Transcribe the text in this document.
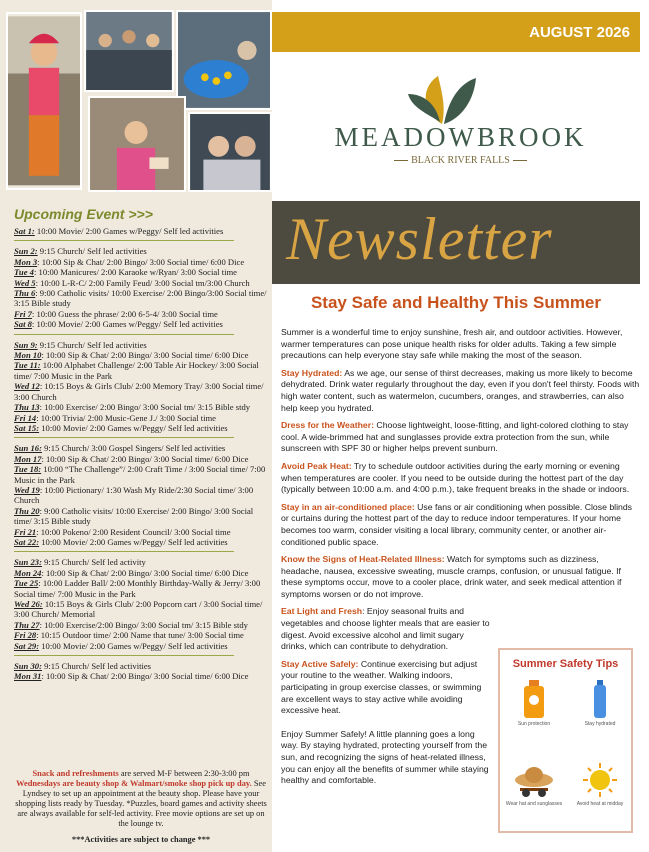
Upcoming Event >>>
Sat 1: 10:00 Movie/ 2:00 Games w/Peggy/ Self led activities
Sun 2: 9:15 Church/ Self led activities
Mon 3: 10:00 Sip & Chat/ 2:00 Bingo/ 3:00 Social time/ 6:00 Dice
Tue 4: 10:00 Manicures/ 2:00 Karaoke w/Ryan/ 3:00 Social time
Wed 5: 10:00 L-R-C/ 2:00 Family Feud/ 3:00 Social tm/3:00 Church
Thu 6: 9:00 Catholic visits/ 10:00 Exercise/ 2:00 Bingo/3:00 Social time/ 3:15 Bible study
Fri 7: 10:00 Guess the phrase/ 2:00 6-5-4/ 3:00 Social time
Sat 8: 10:00 Movie/ 2:00 Games w/Peggy/ Self led activities
Sun 9: 9:15 Church/ Self led activities
Mon 10: 10:00 Sip & Chat/ 2:00 Bingo/ 3:00 Social time/ 6:00 Dice
Tue 11: 10:00 Alphabet Challenge/ 2:00 Table Air Hockey/ 3:00 Social time/ 7:00 Music in the Park
Wed 12: 10:15 Boys & Girls Club/ 2:00 Memory Tray/ 3:00 Social time/ 3:00 Church
Thu 13: 10:00 Exercise/ 2:00 Bingo/ 3:00 Social tm/ 3:15 Bible stdy
Fri 14: 10:00 Trivia/ 2:00 Music-Gene J./ 3:00 Social time
Sat 15: 10:00 Movie/ 2:00 Games w/Peggy/ Self led activities
Sun 16: 9:15 Church/ 3:00 Gospel Singers/ Self led activities
Mon 17: 10:00 Sip & Chat/ 2:00 Bingo/ 3:00 Social time/ 6:00 Dice
Tue 18: 10:00 “The Challenge”/ 2:00 Craft Time / 3:00 Social time/ 7:00 Music in the Park
Wed 19: 10:00 Pictionary/ 1:30 Wash My Ride/2:30 Social time/ 3:00 Church
Thu 20: 9:00 Catholic visits/ 10:00 Exercise/ 2:00 Bingo/ 3:00 Social time/ 3:15 Bible study
Fri 21: 10:00 Pokeno/ 2:00 Resident Council/ 3:00 Social time
Sat 22: 10:00 Movie/ 2:00 Games w/Peggy/ Self led activities
Sun 23: 9:15 Church/ Self led activity
Mon 24: 10:00 Sip & Chat/ 2:00 Bingo/ 3:00 Social time/ 6:00 Dice
Tue 25: 10:00 Ladder Ball/ 2:00 Monthly Birthday-Wally & Jerry/ 3:00 Social time/ 7:00 Music in the Park
Wed 26: 10:15 Boys & Girls Club/ 2:00 Popcorn cart / 3:00 Social time/ 3:00 Church/ Memorial
Thu 27: 10:00 Exercise/2:00 Bingo/ 3:00 Social tm/ 3:15 Bible stdy
Fri 28: 10:15 Outdoor time/ 2:00 Name that tune/ 3:00 Social time
Sat 29: 10:00 Movie/ 2:00 Games w/Peggy/ Self led activities
Sun 30: 9:15 Church/ Self led activities
Mon 31: 10:00 Sip & Chat/ 2:00 Bingo/ 3:00 Social time/ 6:00 Dice
Snack and refreshments are served M-F between 2:30-3:00 pm
Wednesdays are beauty shop & Walmart/smoke shop pick up day. See Lyndsey to set up an appointment at the beauty shop. Please have your shopping lists ready by Tuesday. *Puzzles, board games and activity sheets are always available for self-led activity. Free movie options are set up on the lounge tv.
***Activities are subject to change ***
AUGUST 2026
MEADOWBROOK
BLACK RIVER FALLS
Newsletter
Stay Safe and Healthy This Summer

Summer is a wonderful time to enjoy sunshine, fresh air, and outdoor activities. However, warmer temperatures can pose unique health risks for older adults. Taking a few simple precautions can help everyone stay safe while making the most of the season.

Stay Hydrated: As we age, our sense of thirst decreases, making us more likely to become dehydrated. Drink water regularly throughout the day, even if you don't feel thirsty. Foods with high water content, such as watermelon, cucumbers, oranges, and strawberries, can also help keep you hydrated.

Dress for the Weather: Choose lightweight, loose-fitting, and light-colored clothing to stay cool. A wide-brimmed hat and sunglasses provide extra protection from the sun, while sunscreen with SPF 30 or higher helps prevent sunburn.

Avoid Peak Heat: Try to schedule outdoor activities during the early morning or evening when temperatures are cooler. If you need to be outside during the hottest part of the day (typically between 10:00 a.m. and 4:00 p.m.), take frequent breaks in the shade or indoors.

Stay in an air-conditioned place: Use fans or air conditioning when possible. Close blinds or curtains during the hottest part of the day to reduce indoor temperatures. If your home becomes too warm, consider visiting a local library, community center, or another air-conditioned public space.

Know the Signs of Heat-Related Illness: Watch for symptoms such as dizziness, headache, nausea, excessive sweating, muscle cramps, confusion, or unusual fatigue. If these symptoms occur, move to a cooler place, drink water, and seek medical attention if symptoms worsen or do not improve.

Eat Light and Fresh: Enjoy seasonal fruits and vegetables and choose lighter meals that are easier to digest. Avoid excessive alcohol and limit sugary drinks, which can contribute to dehydration.

Stay Active Safely: Continue exercising but adjust your routine to the weather. Walking indoors, participating in group exercise classes, or swimming are excellent ways to stay active while avoiding excessive heat.

Enjoy Summer Safely! A little planning goes a long way. By staying hydrated, protecting yourself from the sun, and recognizing the signs of heat-related illness, you can enjoy all the benefits of summer while staying healthy and comfortable.

Summer Safety Tips
Sun protection	Stay hydrated
Wear hat and sunglasses	Avoid heat at midday
